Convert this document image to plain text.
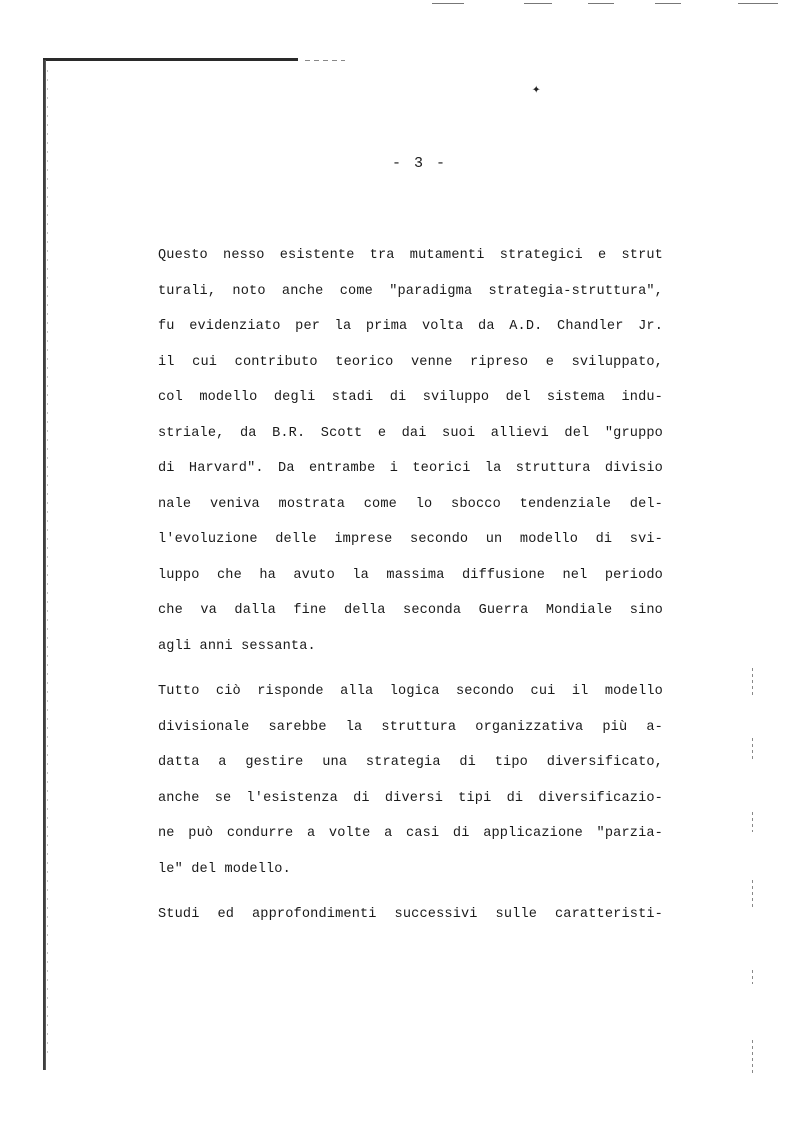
✦
- 3 -
Questo nesso esistente tra mutamenti strategici e strut
turali, noto anche come "paradigma strategia-struttura",
fu evidenziato per la prima volta da A.D. Chandler Jr.
il cui contributo teorico venne ripreso e sviluppato,
col modello degli stadi di sviluppo del sistema indu-
striale, da B.R. Scott e dai suoi allievi del "gruppo
di Harvard". Da entrambe i teorici la struttura divisio
nale veniva mostrata come lo sbocco tendenziale del-
l'evoluzione delle imprese secondo un modello di svi-
luppo che ha avuto la massima diffusione nel periodo
che va dalla fine della seconda Guerra Mondiale sino
agli anni sessanta.
Tutto ciò risponde alla logica secondo cui il modello
divisionale sarebbe la struttura organizzativa più a-
datta a gestire una strategia di tipo diversificato,
anche se l'esistenza di diversi tipi di diversificazio-
ne può condurre a volte a casi di applicazione "parzia-
le" del modello.
Studi ed approfondimenti successivi sulle caratteristi-
